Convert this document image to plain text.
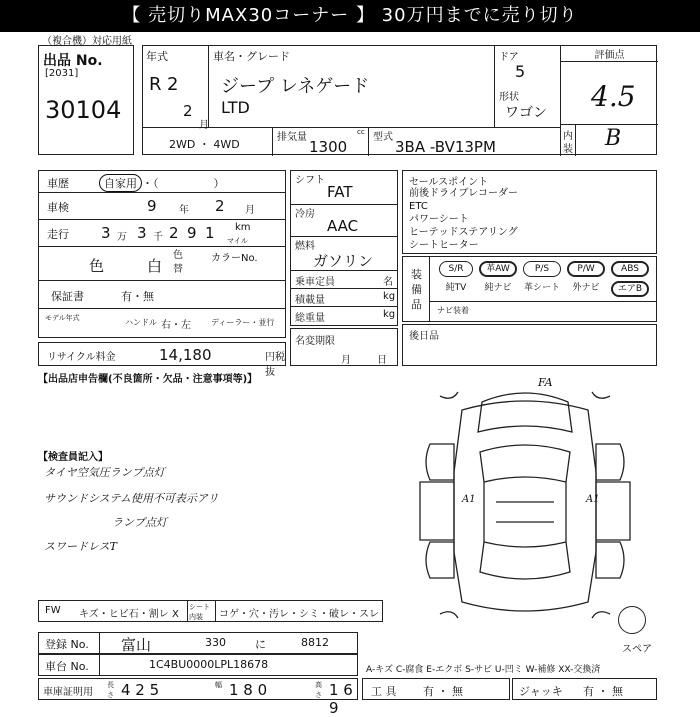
【 売切りMAX30コーナー 】 30万円までに売り切り
（複合機）対応用紙
出品 No.
[2031]
30104
年式
R 2
2
月
車名・グレード
ジープ レネゲード
LTD
ドア
5
形状
ワゴン
評価点
4.5
内
装 B
2WD ・ 4WD
排気量	cc
1300
型式
3BA -BV13PM
車歴	自家用 ・（　　　　　）
車検	9 年 2 月
走行 3 万 3 千 2 9 1 km
マイル
色	白
色替
カラーNo.
保証書	有・無
モデル年式	ハンドル 右・左	ディーラー・並行
リサイクル料金	14,180	円税抜
シフト
FAT
冷房
AAC
燃料
ガソリン
乗車定員	名
積載量	kg
総重量	kg
名変期限
月	日
セールスポイント
前後ドライブレコーダー
ETC
パワーシート
ヒーテッドステアリング
シートヒーター
装備品
S/R	革AW	P/S	P/W	ABS
純TV	純ナビ	革シート	外ナビ	エアB
ナビ装着
後日品
【出品店申告欄(不良箇所・欠品・注意事項等)】
【検査員記入】
タイヤ空気圧ランプ点灯
サウンドシステム使用不可表示アリ
ランプ点灯
スワードレスT
FA
A1	A1
スペア
FW キズ・ヒビ石・割レ X
シート内装	コゲ・穴・汚レ・シミ・破レ・スレ
登録 No. 富山	330	に	8812
車台 No.	1C4BU0000LPL18678	A-キズ C-腐食 E-エクボ S-サビ U-凹ミ W-補修 XX-交換済
車庫証明用
長さ 4 2 5	幅 1 8 0	高さ 1 6 9
工 具 有 ・ 無	ジャッキ 有 ・ 無
